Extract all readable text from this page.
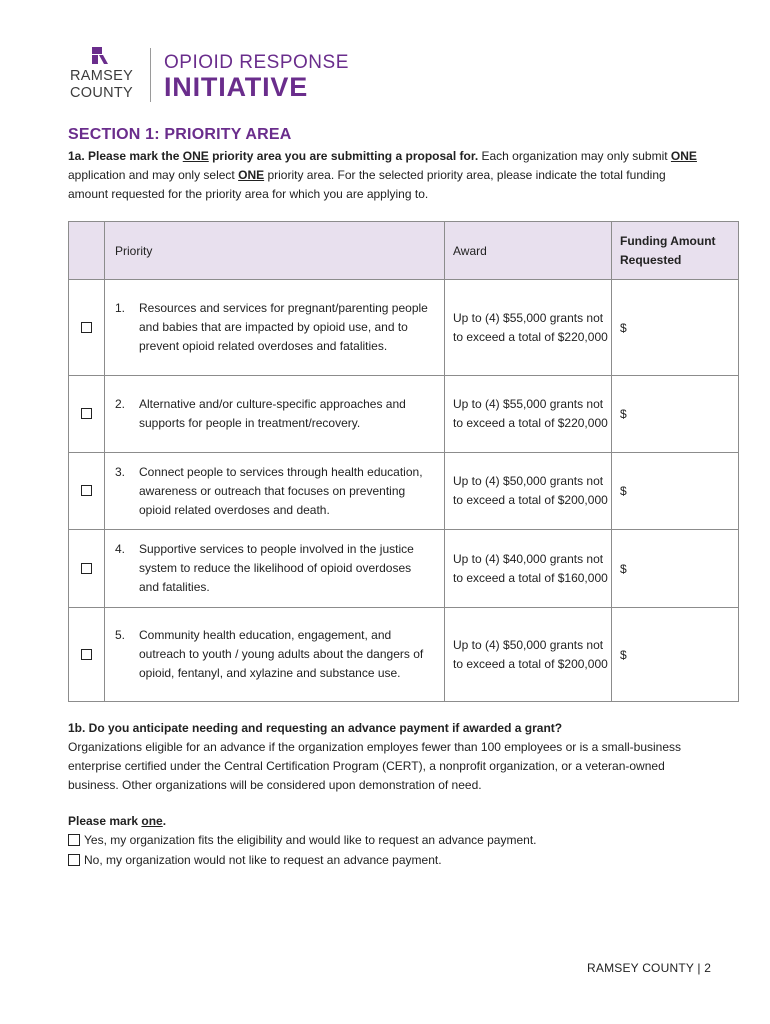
RAMSEY
COUNTY
OPIOID RESPONSE
INITIATIVE
SECTION 1: PRIORITY AREA
1a. Please mark the ONE priority area you are submitting a proposal for. Each organization may only submit ONE application and may only select ONE priority area. For the selected priority area, please indicate the total funding amount requested for the priority area for which you are applying to.
	Priority	Award	Funding Amount Requested

	1. Resources and services for pregnant/parenting people and babies that are impacted by opioid use, and to prevent opioid related overdoses and fatalities.	Up to (4) $55,000 grants not to exceed a total of $220,000	$

	2. Alternative and/or culture-specific approaches and supports for people in treatment/recovery.	Up to (4) $55,000 grants not to exceed a total of $220,000	$

	3. Connect people to services through health education, awareness or outreach that focuses on preventing opioid related overdoses and death.	Up to (4) $50,000 grants not to exceed a total of $200,000	$

	4. Supportive services to people involved in the justice system to reduce the likelihood of opioid overdoses and fatalities.	Up to (4) $40,000 grants not to exceed a total of $160,000	$

	5. Community health education, engagement, and outreach to youth / young adults about the dangers of opioid, fentanyl, and xylazine and substance use.	Up to (4) $50,000 grants not to exceed a total of $200,000	$
1b. Do you anticipate needing and requesting an advance payment if awarded a grant?
Organizations eligible for an advance if the organization employes fewer than 100 employees or is a small-business enterprise certified under the Central Certification Program (CERT), a nonprofit organization, or a veteran-owned business. Other organizations will be considered upon demonstration of need.
Please mark one.
Yes, my organization fits the eligibility and would like to request an advance payment.
No, my organization would not like to request an advance payment.
RAMSEY COUNTY | 2
